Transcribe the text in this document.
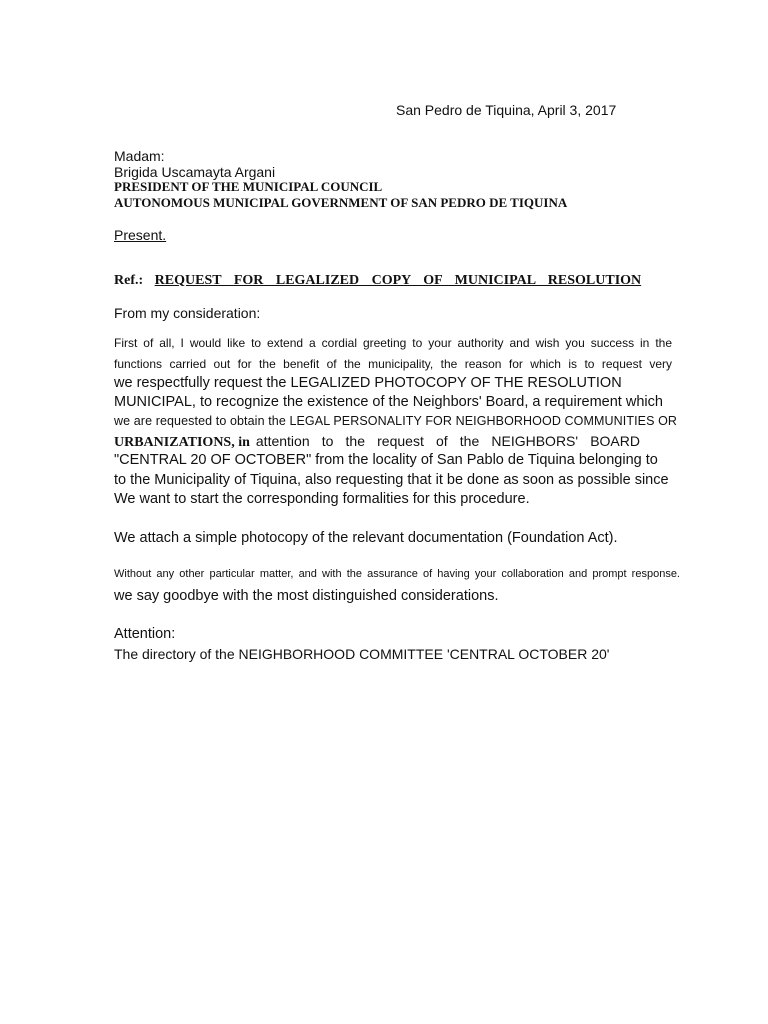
San Pedro de Tiquina, April 3, 2017
Madam:
Brigida Uscamayta Argani
PRESIDENT OF THE MUNICIPAL COUNCIL
AUTONOMOUS MUNICIPAL GOVERNMENT OF SAN PEDRO DE TIQUINA
Present.
Ref.: REQUEST FOR LEGALIZED COPY OF MUNICIPAL RESOLUTION
From my consideration:
First of all, I would like to extend a cordial greeting to your authority and wish you success in the
functions carried out for the benefit of the municipality, the reason for which is to request very
we respectfully request the LEGALIZED PHOTOCOPY OF THE RESOLUTION
MUNICIPAL, to recognize the existence of the Neighbors' Board, a requirement which
we are requested to obtain the LEGAL PERSONALITY FOR NEIGHBORHOOD COMMUNITIES OR
URBANIZATIONS, in attention to the request of the NEIGHBORS' BOARD
"CENTRAL 20 OF OCTOBER" from the locality of San Pablo de Tiquina belonging to
to the Municipality of Tiquina, also requesting that it be done as soon as possible since
We want to start the corresponding formalities for this procedure.
We attach a simple photocopy of the relevant documentation (Foundation Act).
Without any other particular matter, and with the assurance of having your collaboration and prompt response.
we say goodbye with the most distinguished considerations.
Attention:
The directory of the NEIGHBORHOOD COMMITTEE 'CENTRAL OCTOBER 20'
